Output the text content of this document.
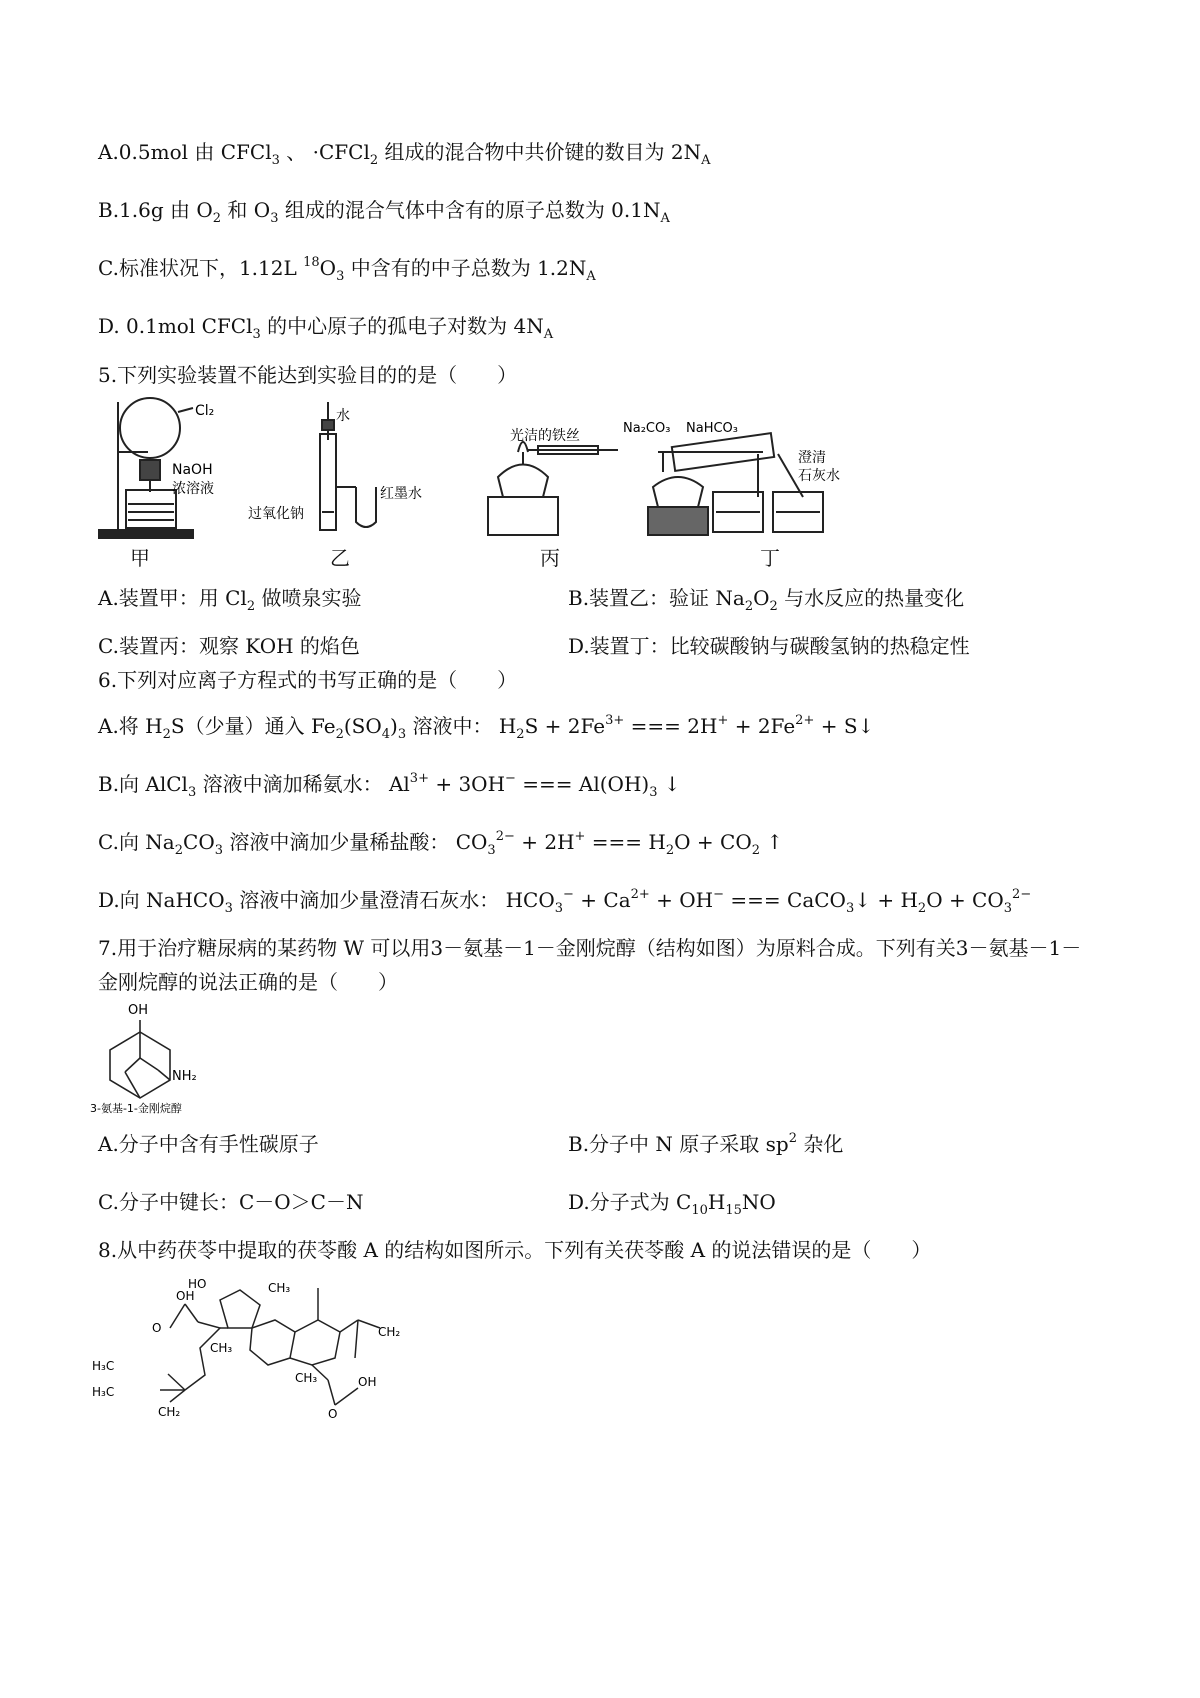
A.0.5mol 由 CFCl$_3$ 、 ·CFCl$_2$ 组成的混合物中共价键的数目为 $2N_A$
B.1.6g 由 $O_2$ 和 $O_3$ 组成的混合气体中含有的原子总数为 $0.1N_A$
C.标准状况下，1.12L $^{18}O_3$ 中含有的中子总数为 $1.2N_A$
D. 0.1mol CFCl$_3$ 的中心原子的孤电子对数为 $4N_A$
5.下列实验装置不能达到实验目的的是（　　）
Cl₂
NaOH
浓溶液
水
过氧化钠
红墨水
光洁的铁丝	Na₂CO₃ NaHCO₃
澄清
石灰水
甲	乙	丙	丁
A.装置甲：用 $Cl_2$ 做喷泉实验	B.装置乙：验证 $Na_2O_2$ 与水反应的热量变化
C.装置丙：观察 KOH 的焰色	D.装置丁：比较碳酸钠与碳酸氢钠的热稳定性
6.下列对应离子方程式的书写正确的是（　　）
A.将 $H_2S$（少量）通入 $Fe_2(SO_4)_3$ 溶液中： $H_2S + 2Fe^{3+}$ === $2H^+ + 2Fe^{2+}$ + S↓
B.向 AlCl$_3$ 溶液中滴加稀氨水： $Al^{3+} + 3OH^-$ === $Al(OH)_3$ ↓
C.向 $Na_2CO_3$ 溶液中滴加少量稀盐酸： $CO_3^{2-} + 2H^+$ === $H_2O + CO_2$ ↑
D.向 NaHCO$_3$ 溶液中滴加少量澄清石灰水： $HCO_3^- + Ca^{2+} + OH^-$ === CaCO$_3$↓ + $H_2O + CO_3^{2-}$
7.用于治疗糖尿病的某药物 W 可以用3－氨基－1－金刚烷醇（结构如图）为原料合成。下列有关3－氨基－1－
金刚烷醇的说法正确的是（　　）
OH
NH₂
3-氨基-1-金刚烷醇
A.分子中含有手性碳原子	B.分子中 N 原子采取 $sp^2$ 杂化
C.分子中键长：C－O＞C－N	D.分子式为 $C_{10}H_{15}NO$
8.从中药茯苓中提取的茯苓酸 A 的结构如图所示。下列有关茯苓酸 A 的说法错误的是（　　）
HO
OH
O
CH₃
CH₃
CH₃
H₃C
H₃C
CH₂
CH₂
OH
O
